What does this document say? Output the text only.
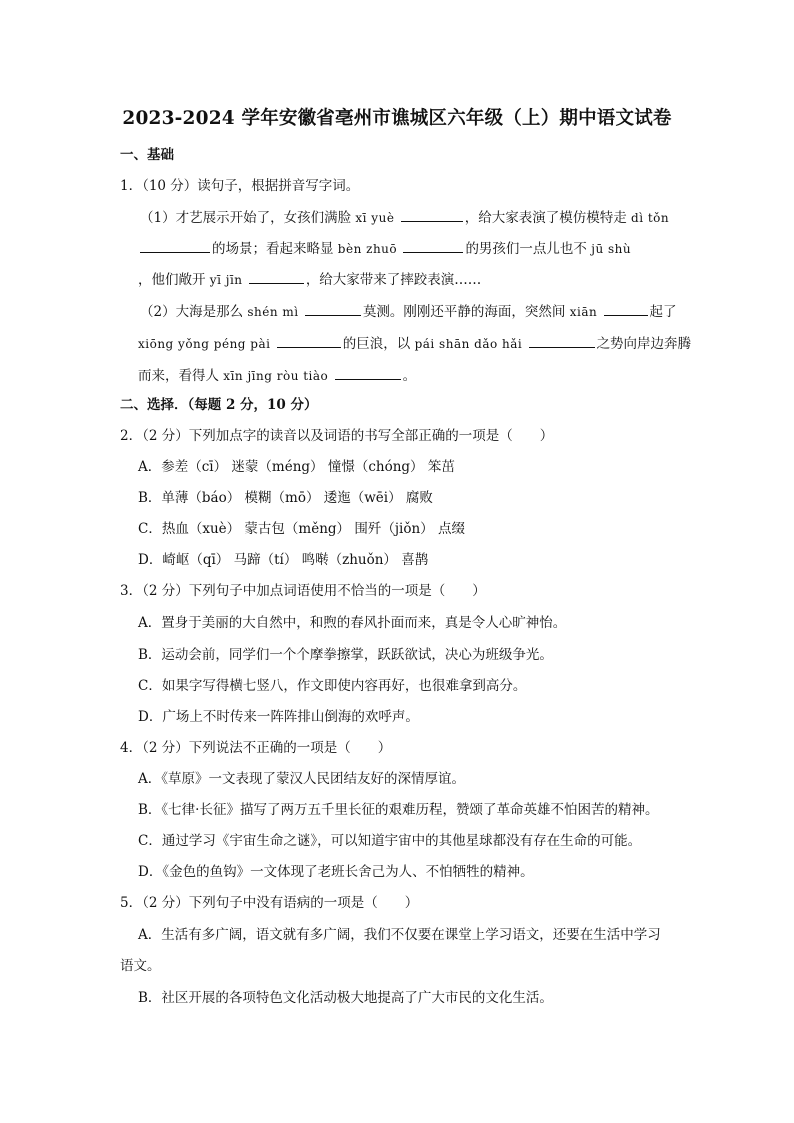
2023-2024 学年安徽省亳州市谯城区六年级（上）期中语文试卷
一、基础
1．（10 分）读句子，根据拼音写字词。
（1）才艺展示开始了，女孩们满脸 xī yuè	，给大家表演了模仿模特走 dì tǒn
的场景；看起来略显 bèn zhuō	的男孩们一点儿也不 jū shù
，他们敞开 yī jīn	，给大家带来了摔跤表演……
（2）大海是那么 shén mì	莫测。刚刚还平静的海面，突然间 xiān	起了
xiōng yǒng péng pài	的巨浪，以 pái shān dǎo hǎi	之势向岸边奔腾
而来，看得人 xīn jīng ròu tiào	。
二、选择．（每题 2 分，10 分）
2．（2 分）下列加点字的读音以及词语的书写全部正确的一项是（　　）
A．参差（cī） 迷蒙（méng） 憧憬（chóng） 笨茁
B．单薄（báo） 模糊（mō） 逶迤（wēi） 腐败
C．热血（xuè） 蒙古包（měng） 围歼（jiǒn） 点缀
D．崎岖（qī） 马蹄（tí） 鸣啭（zhuǒn） 喜鹊
3．（2 分）下列句子中加点词语使用不恰当的一项是（　　）
A．置身于美丽的大自然中，和煦的春风扑面而来，真是令人心旷神怡。
B．运动会前，同学们一个个摩拳擦掌，跃跃欲试，决心为班级争光。
C．如果字写得横七竖八，作文即使内容再好，也很难拿到高分。
D．广场上不时传来一阵阵排山倒海的欢呼声。
4．（2 分）下列说法不正确的一项是（　　）
A．《草原》一文表现了蒙汉人民团结友好的深情厚谊。
B．《七律·长征》描写了两万五千里长征的艰难历程，赞颂了革命英雄不怕困苦的精神。
C．通过学习《宇宙生命之谜》，可以知道宇宙中的其他星球都没有存在生命的可能。
D．《金色的鱼钩》一文体现了老班长舍己为人、不怕牺牲的精神。
5．（2 分）下列句子中没有语病的一项是（　　）
A．生活有多广阔，语文就有多广阔，我们不仅要在课堂上学习语文，还要在生活中学习
语文。
B．社区开展的各项特色文化活动极大地提高了广大市民的文化生活。
